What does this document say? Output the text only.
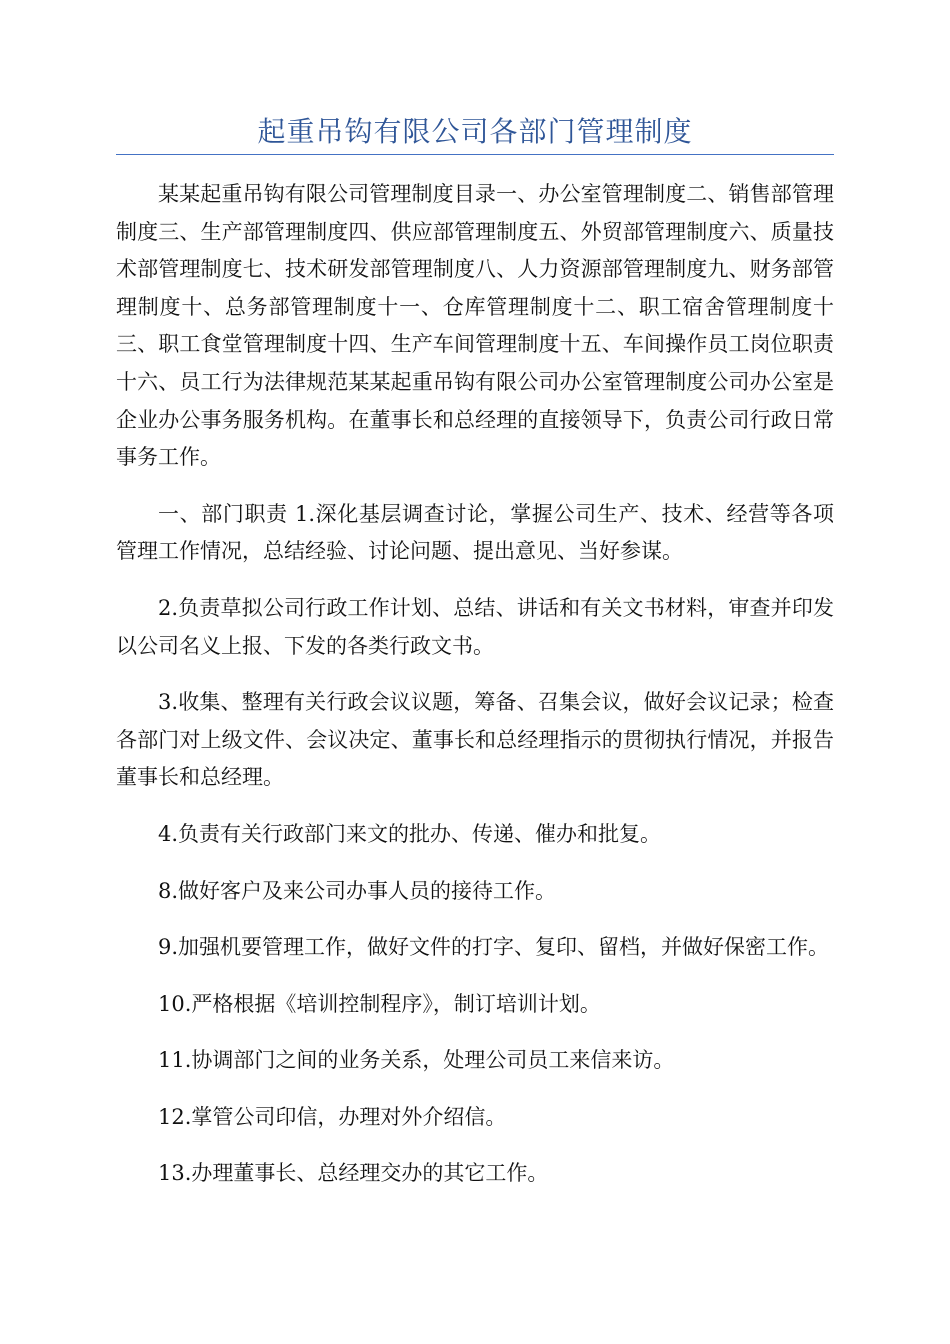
起重吊钩有限公司各部门管理制度

某某起重吊钩有限公司管理制度目录一、办公室管理制度二、销售部管理制度三、生产部管理制度四、供应部管理制度五、外贸部管理制度六、质量技术部管理制度七、技术研发部管理制度八、人力资源部管理制度九、财务部管理制度十、总务部管理制度十一、仓库管理制度十二、职工宿舍管理制度十三、职工食堂管理制度十四、生产车间管理制度十五、车间操作员工岗位职责十六、员工行为法律规范某某起重吊钩有限公司办公室管理制度公司办公室是企业办公事务服务机构。在董事长和总经理的直接领导下，负责公司行政日常事务工作。

一、部门职责 1.深化基层调查讨论，掌握公司生产、技术、经营等各项管理工作情况，总结经验、讨论问题、提出意见、当好参谋。

2.负责草拟公司行政工作计划、总结、讲话和有关文书材料，审查并印发以公司名义上报、下发的各类行政文书。

3.收集、整理有关行政会议议题，筹备、召集会议，做好会议记录；检查各部门对上级文件、会议决定、董事长和总经理指示的贯彻执行情况，并报告董事长和总经理。

4.负责有关行政部门来文的批办、传递、催办和批复。

8.做好客户及来公司办事人员的接待工作。

9.加强机要管理工作，做好文件的打字、复印、留档，并做好保密工作。

10.严格根据《培训控制程序》，制订培训计划。

11.协调部门之间的业务关系，处理公司员工来信来访。

12.掌管公司印信，办理对外介绍信。

13.办理董事长、总经理交办的其它工作。
